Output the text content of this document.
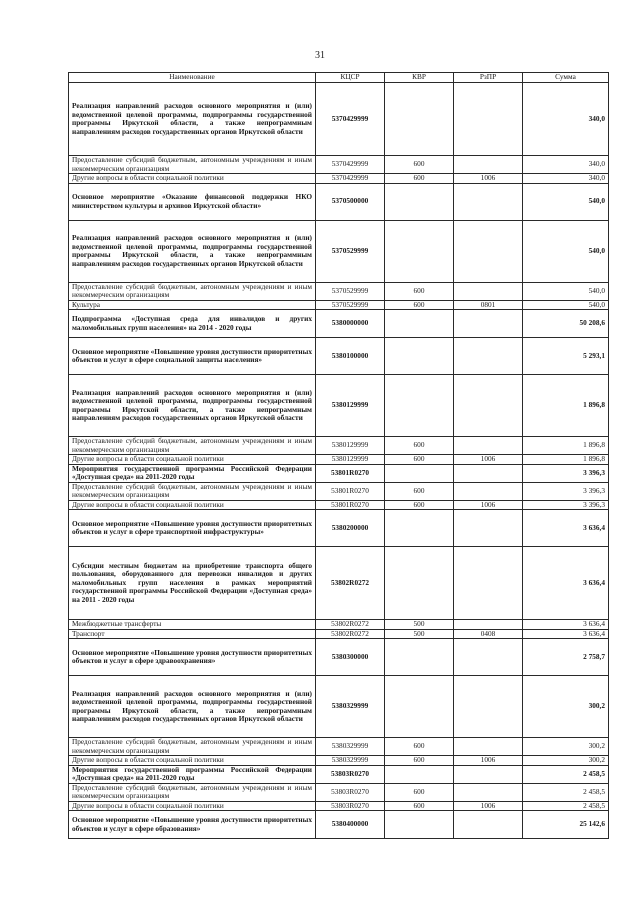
31
Наименование	КЦСР	КВР	РзПР	Сумма
Реализация направлений расходов основного мероприятия и (или) ведомственной целевой программы, подпрограммы государственной программы Иркутской области, а также непрограммным направлениям расходов государственных органов Иркутской области	5370429999			340,0
Предоставление субсидий бюджетным, автономным учреждениям и иным некоммерческим организациям	5370429999	600		340,0
Другие вопросы в области социальной политики	5370429999	600	1006	340,0
Основное мероприятие «Оказание финансовой поддержки НКО министерством культуры и архивов Иркутской области»	5370500000			540,0
Реализация направлений расходов основного мероприятия и (или) ведомственной целевой программы, подпрограммы государственной программы Иркутской области, а также непрограммным направлениям расходов государственных органов Иркутской области	5370529999			540,0
Предоставление субсидий бюджетным, автономным учреждениям и иным некоммерческим организациям	5370529999	600		540,0
Культура	5370529999	600	0801	540,0
Подпрограмма «Доступная среда для инвалидов и других маломобильных групп населения» на 2014 - 2020 годы	5380000000			50 208,6
Основное мероприятие «Повышение уровня доступности приоритетных объектов и услуг в сфере социальной защиты населения»	5380100000			5 293,1
Реализация направлений расходов основного мероприятия и (или) ведомственной целевой программы, подпрограммы государственной программы Иркутской области, а также непрограммным направлениям расходов государственных органов Иркутской области	5380129999			1 896,8
Предоставление субсидий бюджетным, автономным учреждениям и иным некоммерческим организациям	5380129999	600		1 896,8
Другие вопросы в области социальной политики	5380129999	600	1006	1 896,8
Мероприятия государственной программы Российской Федерации «Доступная среда» на 2011-2020 годы	53801R0270			3 396,3
Предоставление субсидий бюджетным, автономным учреждениям и иным некоммерческим организациям	53801R0270	600		3 396,3
Другие вопросы в области социальной политики	53801R0270	600	1006	3 396,3
Основное мероприятие «Повышение уровня доступности приоритетных объектов и услуг в сфере транспортной инфраструктуры»	5380200000			3 636,4
Субсидии местным бюджетам на приобретение транспорта общего пользования, оборудованного для перевозки инвалидов и других маломобильных групп населения в рамках мероприятий государственной программы Российской Федерации «Доступная среда» на 2011 - 2020 годы	53802R0272			3 636,4
Межбюджетные трансферты	53802R0272	500		3 636,4
Транспорт	53802R0272	500	0408	3 636,4
Основное мероприятие «Повышение уровня доступности приоритетных объектов и услуг в сфере здравоохранения»	5380300000			2 758,7
Реализация направлений расходов основного мероприятия и (или) ведомственной целевой программы, подпрограммы государственной программы Иркутской области, а также непрограммным направлениям расходов государственных органов Иркутской области	5380329999			300,2
Предоставление субсидий бюджетным, автономным учреждениям и иным некоммерческим организациям	5380329999	600		300,2
Другие вопросы в области социальной политики	5380329999	600	1006	300,2
Мероприятия государственной программы Российской Федерации «Доступная среда» на 2011-2020 годы	53803R0270			2 458,5
Предоставление субсидий бюджетным, автономным учреждениям и иным некоммерческим организациям	53803R0270	600		2 458,5
Другие вопросы в области социальной политики	53803R0270	600	1006	2 458,5
Основное мероприятие «Повышение уровня доступности приоритетных объектов и услуг в сфере образования»	5380400000			25 142,6
